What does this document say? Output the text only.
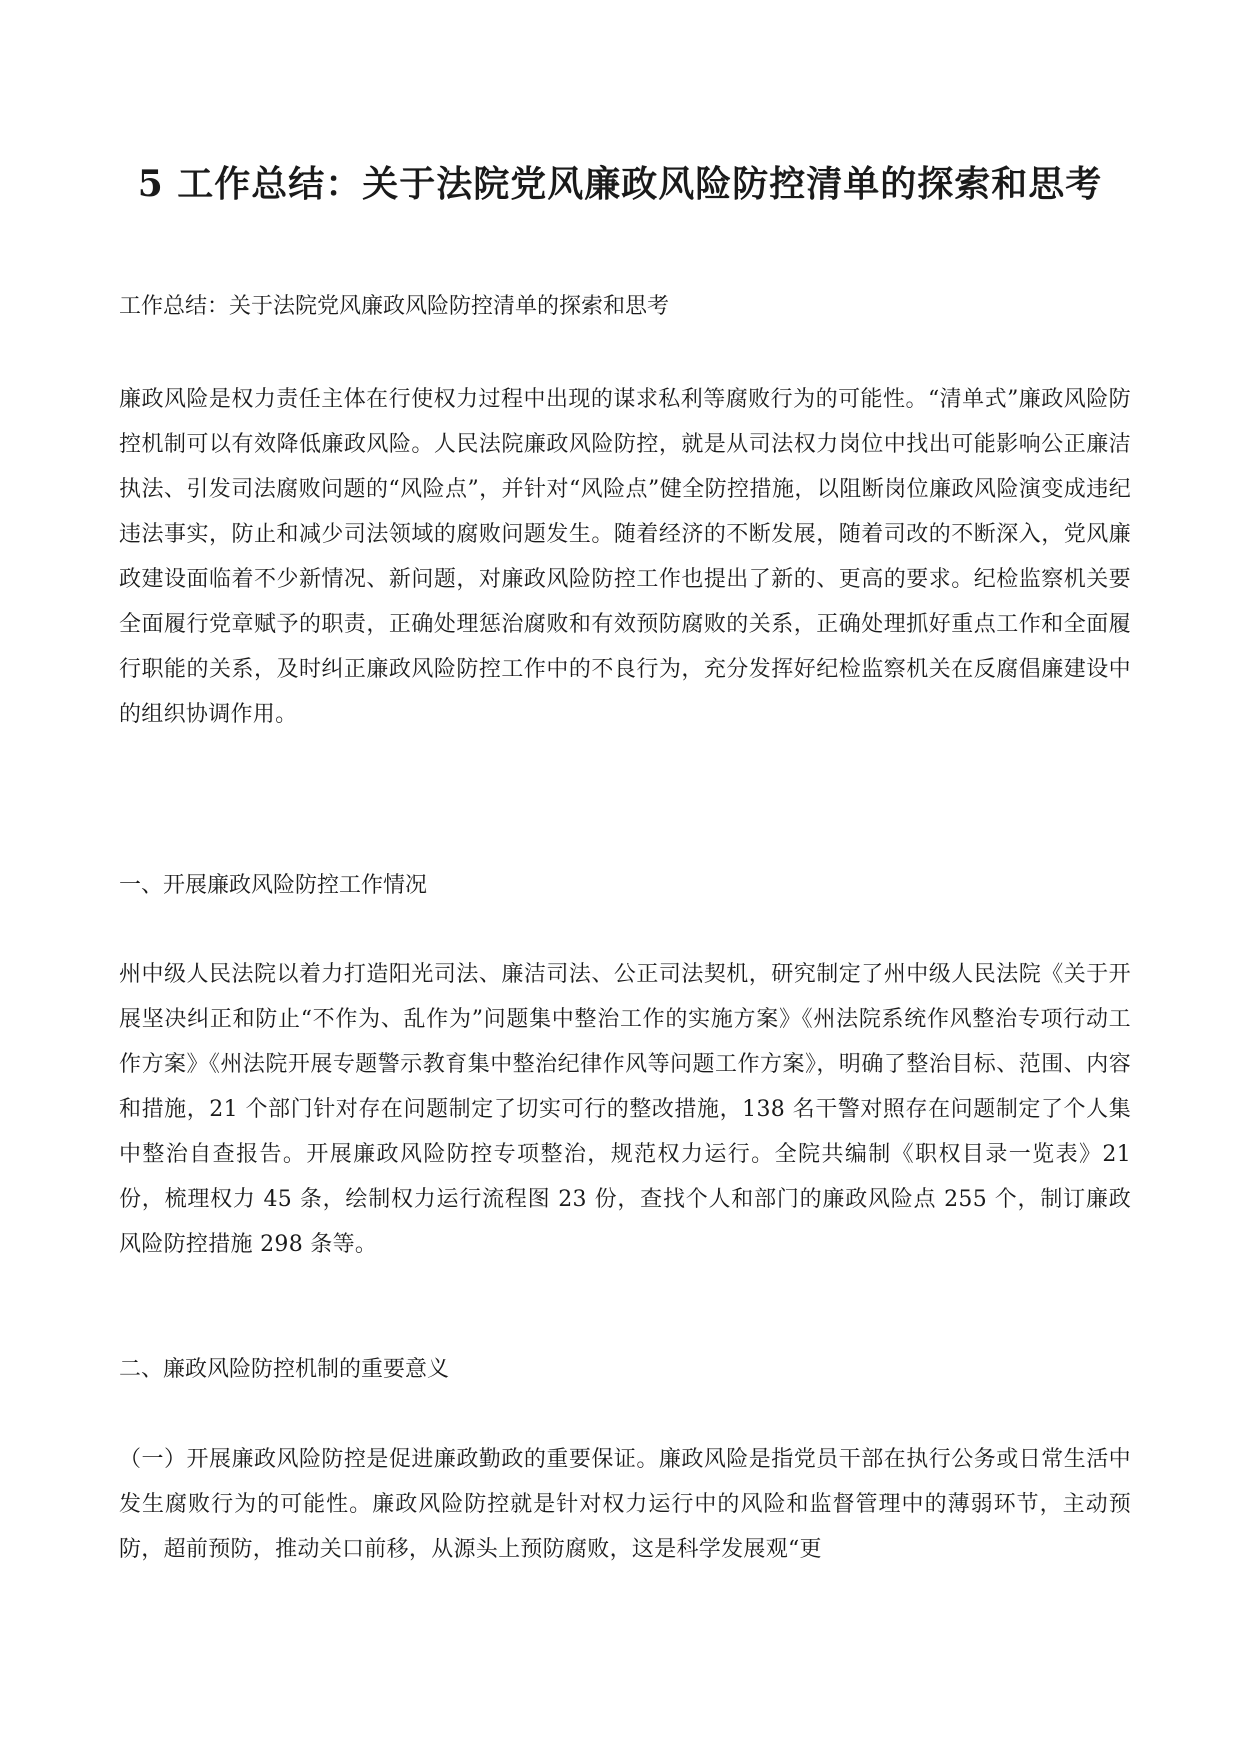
5 工作总结：关于法院党风廉政风险防控清单的探索和思考

工作总结：关于法院党风廉政风险防控清单的探索和思考

廉政风险是权力责任主体在行使权力过程中出现的谋求私利等腐败行为的可能性。“清单式”廉政风险防控机制可以有效降低廉政风险。人民法院廉政风险防控，就是从司法权力岗位中找出可能影响公正廉洁执法、引发司法腐败问题的“风险点”，并针对“风险点”健全防控措施，以阻断岗位廉政风险演变成违纪违法事实，防止和减少司法领域的腐败问题发生。随着经济的不断发展，随着司改的不断深入，党风廉政建设面临着不少新情况、新问题，对廉政风险防控工作也提出了新的、更高的要求。纪检监察机关要全面履行党章赋予的职责，正确处理惩治腐败和有效预防腐败的关系，正确处理抓好重点工作和全面履行职能的关系，及时纠正廉政风险防控工作中的不良行为，充分发挥好纪检监察机关在反腐倡廉建设中的组织协调作用。

一、开展廉政风险防控工作情况

州中级人民法院以着力打造阳光司法、廉洁司法、公正司法契机，研究制定了州中级人民法院《关于开展坚决纠正和防止“不作为、乱作为”问题集中整治工作的实施方案》《州法院系统作风整治专项行动工作方案》《州法院开展专题警示教育集中整治纪律作风等问题工作方案》，明确了整治目标、范围、内容和措施，21 个部门针对存在问题制定了切实可行的整改措施，138 名干警对照存在问题制定了个人集中整治自查报告。开展廉政风险防控专项整治，规范权力运行。全院共编制《职权目录一览表》21 份，梳理权力 45 条，绘制权力运行流程图 23 份，查找个人和部门的廉政风险点 255 个，制订廉政风险防控措施 298 条等。

二、廉政风险防控机制的重要意义

（一）开展廉政风险防控是促进廉政勤政的重要保证。廉政风险是指党员干部在执行公务或日常生活中发生腐败行为的可能性。廉政风险防控就是针对权力运行中的风险和监督管理中的薄弱环节，主动预防，超前预防，推动关口前移，从源头上预防腐败，这是科学发展观“更
